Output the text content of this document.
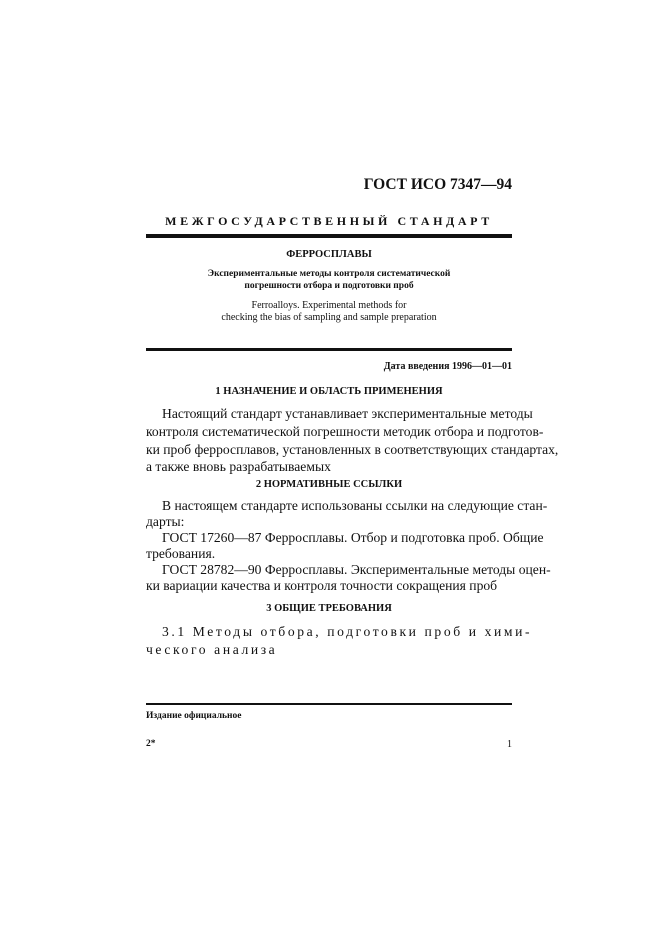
ГОСТ ИСО 7347—94
МЕЖГОСУДАРСТВЕННЫЙ СТАНДАРТ
ФЕРРОСПЛАВЫ
Экспериментальные методы контроля систематической
погрешности отбора и подготовки проб
Ferroalloys. Experimental methods for
checking the bias of sampling and sample preparation
Дата введения 1996—01—01
1 НАЗНАЧЕНИЕ И ОБЛАСТЬ ПРИМЕНЕНИЯ
Настоящий стандарт устанавливает экспериментальные методы
контроля систематической погрешности методик отбора и подготов-
ки проб ферросплавов, установленных в соответствующих стандартах,
а также вновь разрабатываемых
2 НОРМАТИВНЫЕ ССЫЛКИ
В настоящем стандарте использованы ссылки на следующие стан-
дарты:
ГОСТ 17260—87 Ферросплавы. Отбор и подготовка проб. Общие
требования.
ГОСТ 28782—90 Ферросплавы. Экспериментальные методы оцен-
ки вариации качества и контроля точности сокращения проб
3 ОБЩИЕ ТРЕБОВАНИЯ
3.1 Методы отбора, подготовки проб и хими-
ческого анализа
Издание официальное
2*	1
